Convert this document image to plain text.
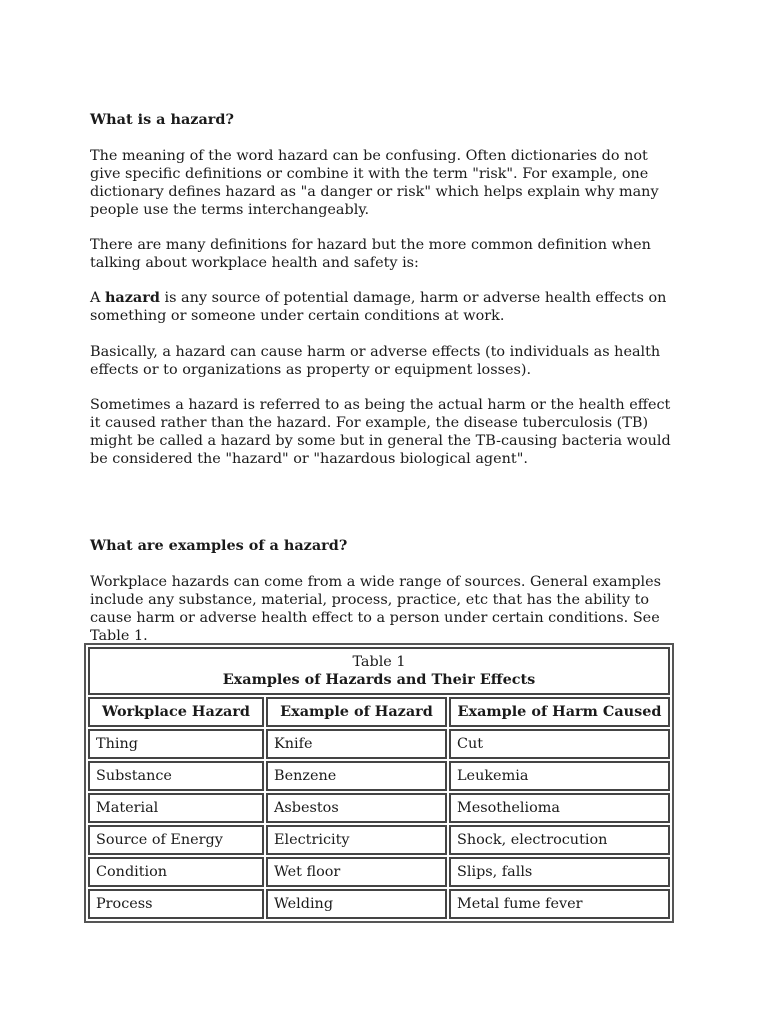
What is a hazard?

The meaning of the word hazard can be confusing. Often dictionaries do not give specific definitions or combine it with the term "risk". For example, one dictionary defines hazard as "a danger or risk" which helps explain why many people use the terms interchangeably.

There are many definitions for hazard but the more common definition when talking about workplace health and safety is:

A hazard is any source of potential damage, harm or adverse health effects on something or someone under certain conditions at work.

Basically, a hazard can cause harm or adverse effects (to individuals as health effects or to organizations as property or equipment losses).

Sometimes a hazard is referred to as being the actual harm or the health effect it caused rather than the hazard. For example, the disease tuberculosis (TB) might be called a hazard by some but in general the TB-causing bacteria would be considered the "hazard" or "hazardous biological agent".

What are examples of a hazard?

Workplace hazards can come from a wide range of sources. General examples include any substance, material, process, practice, etc that has the ability to cause harm or adverse health effect to a person under certain conditions. See Table 1.

Table 1
Examples of Hazards and Their Effects		

Workplace Hazard	Example of Hazard	Example of Harm Caused
Thing	Knife	Cut
Substance	Benzene	Leukemia
Material	Asbestos	Mesothelioma
Source of Energy	Electricity	Shock, electrocution
Condition	Wet floor	Slips, falls
Process	Welding	Metal fume fever
